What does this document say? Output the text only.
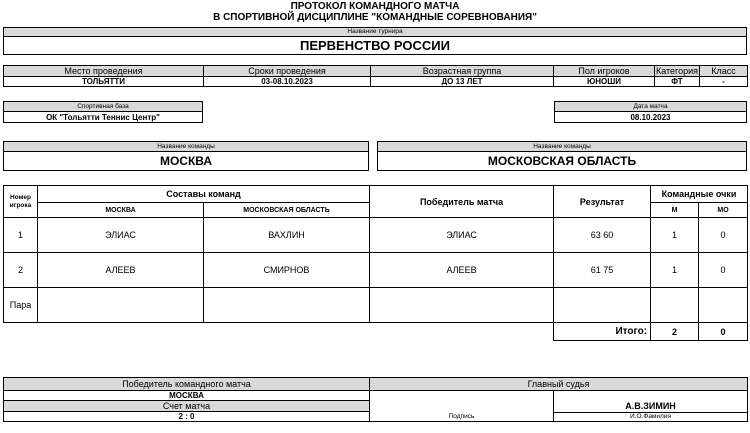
ПРОТОКОЛ КОМАНДНОГО МАТЧА
В СПОРТИВНОЙ ДИСЦИПЛИНЕ "КОМАНДНЫЕ СОРЕВНОВАНИЯ"
Название турнира
ПЕРВЕНСТВО РОССИИ
Место проведения	Сроки проведения	Возрастная группа	Пол игроков	Категория	Класс
ТОЛЬЯТТИ	03-08.10.2023	ДО 13 ЛЕТ	ЮНОШИ	ФТ	-
Спортивная база
ОК "Тольятти Теннис Центр"
Дата матча
08.10.2023
Название команды
МОСКВА
Название команды
МОСКОВСКАЯ ОБЛАСТЬ
Номер игрока	Составы команд		Победитель матча	Результат	Командные очки	
	МОСКВА	МОСКОВСКАЯ ОБЛАСТЬ			М	МО
1	ЭЛИАС	ВАХЛИН	ЭЛИАС	63 60	1	0
2	АЛЕЕВ	СМИРНОВ	АЛЕЕВ	61 75	1	0
Пара						
				Итого:	2	0
Победитель командного матча	Главный судья	
МОСКВА	Подпись	А.В.ЗИМИН
И.О.Фамилия

Счет матча		
2 : 0		
